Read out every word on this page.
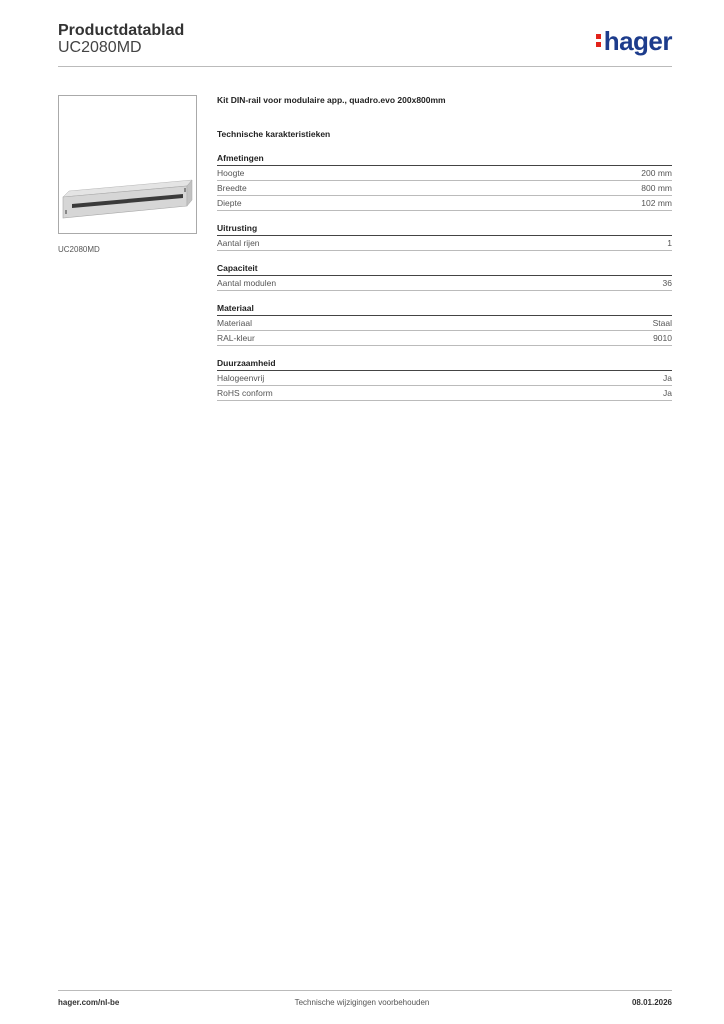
Productdatablad
UC2080MD	hager
UC2080MD
Kit DIN-rail voor modulaire app., quadro.evo 200x800mm
Technische karakteristieken
Afmetingen
Hoogte	200 mm
Breedte	800 mm
Diepte	102 mm
Uitrusting
Aantal rijen	1
Capaciteit
Aantal modulen	36
Materiaal
Materiaal	Staal
RAL-kleur	9010
Duurzaamheid
Halogeenvrij	Ja
RoHS conform	Ja
hager.com/nl-be	Technische wijzigingen voorbehouden	08.01.2026
